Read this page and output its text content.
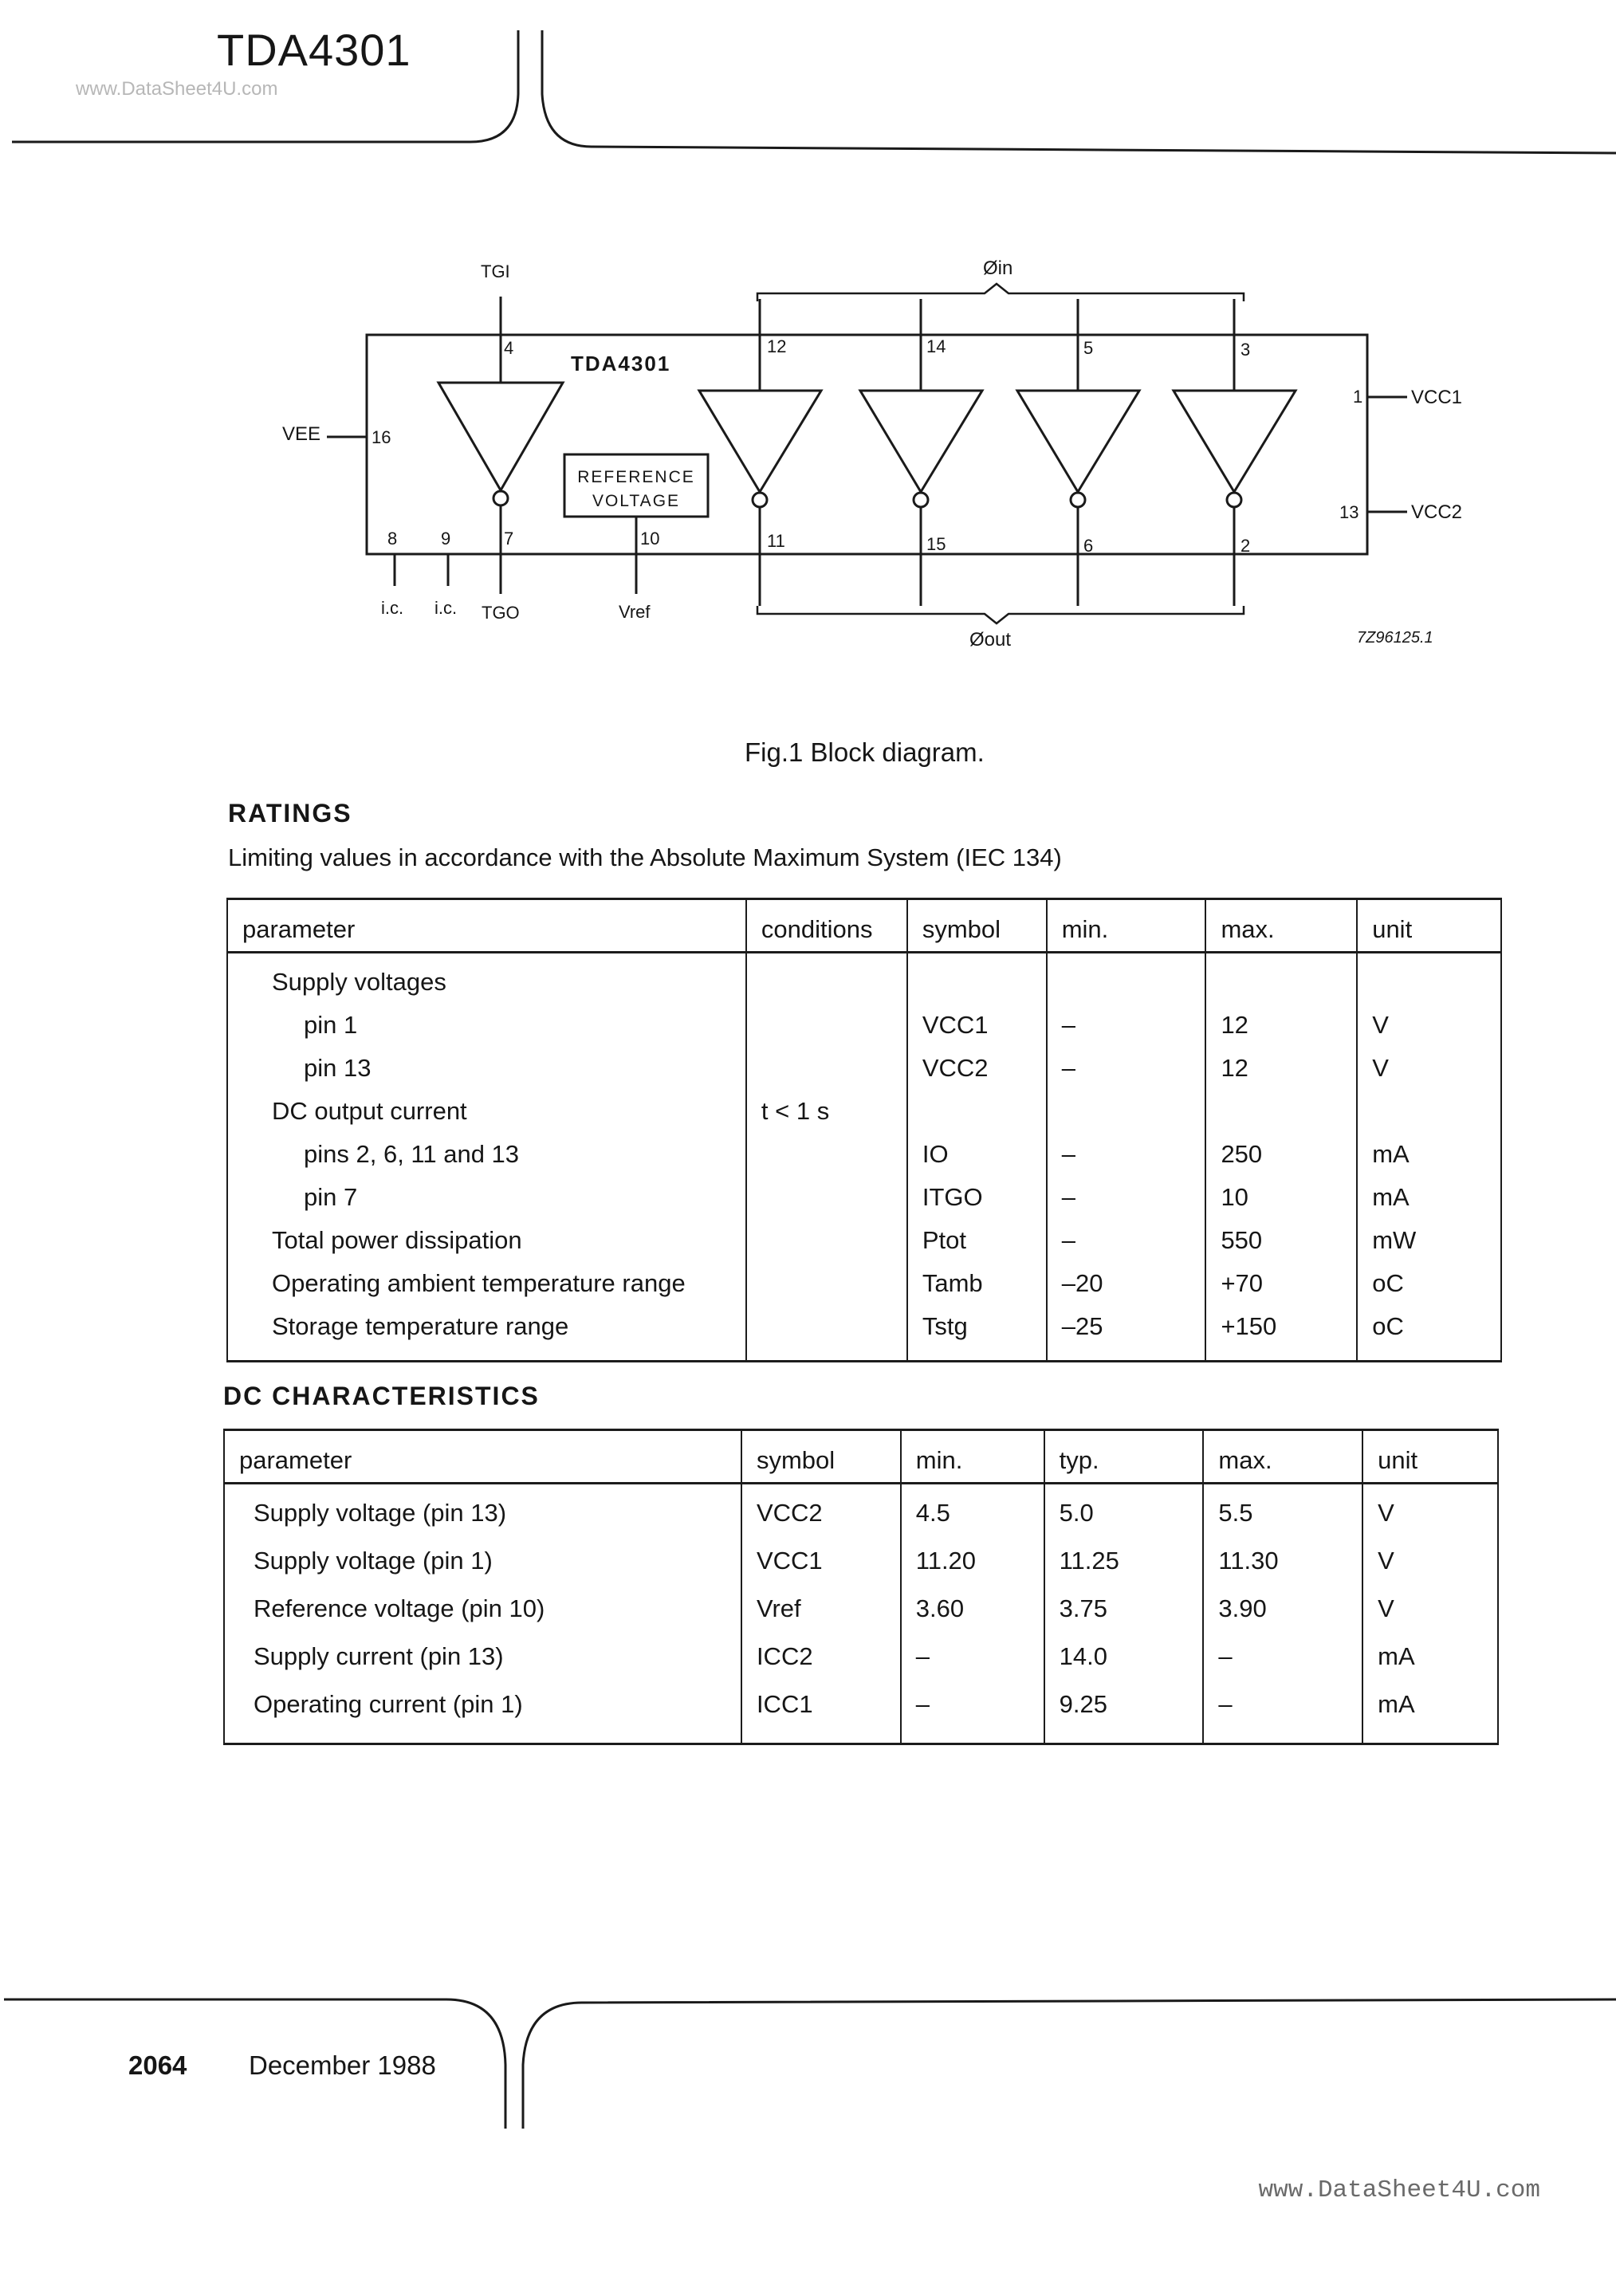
TDA4301
www.DataSheet4U.com
TGI
4
7
TGO
TDA4301
REFERENCE
VOLTAGE
10
Vref
8
i.c.
9
i.c.
VEE	16
Øin
12
11
14
15
5
6
3
2
Øout
1	VCC1
13	VCC2
7Z96125.1
Fig.1 Block diagram.
RATINGS
Limiting values in accordance with the Absolute Maximum System (IEC 134)
parameter	conditions	symbol	min.	max.	unit
Supply voltages					
pin 1		VCC1	–	12	V
pin 13		VCC2	–	12	V
DC output current	t < 1 s				
pins 2, 6, 11 and 13		IO	–	250	mA
pin 7		ITGO	–	10	mA
Total power dissipation		Ptot	–	550	mW
Operating ambient temperature range		Tamb	–20	+70	oC
Storage temperature range		Tstg	–25	+150	oC
DC CHARACTERISTICS
parameter	symbol	min.	typ.	max.	unit
Supply voltage (pin 13)	VCC2	4.5	5.0	5.5	V
Supply voltage (pin 1)	VCC1	11.20	11.25	11.30	V
Reference voltage (pin 10)	Vref	3.60	3.75	3.90	V
Supply current (pin 13)	ICC2	–	14.0	–	mA
Operating current (pin 1)	ICC1	–	9.25	–	mA
2064 December 1988
www.DataSheet4U.com
